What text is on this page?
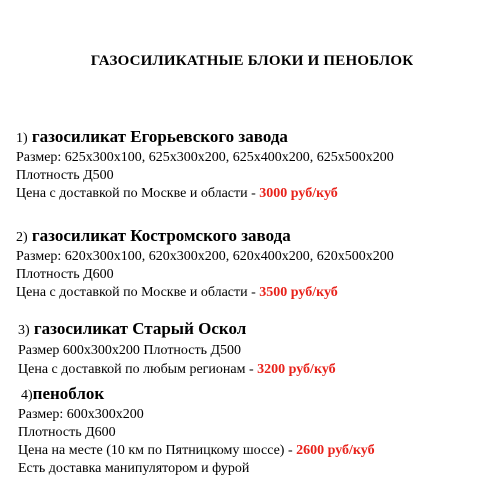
ГАЗОСИЛИКАТНЫЕ БЛОКИ И ПЕНОБЛОК
1) газосиликат Егорьевского завода
Размер: 625х300х100, 625х300х200, 625х400х200, 625х500х200
Плотность Д500
Цена с доставкой по Москве и области - 3000 руб/куб
2) газосиликат Костромского завода
Размер: 620х300х100, 620х300х200, 620х400х200, 620х500х200
Плотность Д600
Цена с доставкой по Москве и области - 3500 руб/куб
3) газосиликат Старый Оскол
Размер 600х300х200 Плотность Д500
Цена с доставкой по любым регионам - 3200 руб/куб
4)пеноблок
Размер: 600х300х200
Плотность Д600
Цена на месте (10 км по Пятницкому шоссе) - 2600 руб/куб
Есть доставка манипулятором и фурой
